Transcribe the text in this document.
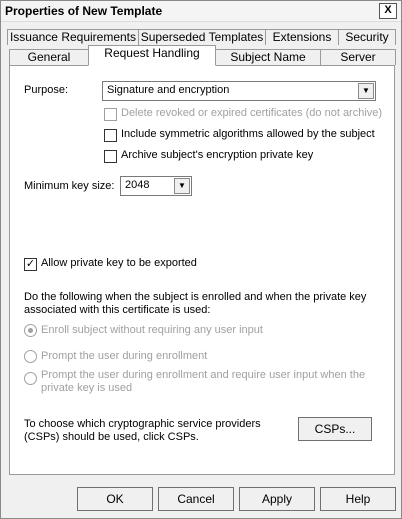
Properties of New Template	X
Issuance Requirements Superseded Templates Extensions	Security
General	Request Handling	Subject Name	Server
Purpose:	Signature and encryption	▼
Delete revoked or expired certificates (do not archive)
Include symmetric algorithms allowed by the subject
Archive subject's encryption private key
Minimum key size: 2048	▼
✓ Allow private key to be exported
Do the following when the subject is enrolled and when the private key
associated with this certificate is used:
Enroll subject without requiring any user input
Prompt the user during enrollment
Prompt the user during enrollment and require user input when the
private key is used
To choose which cryptographic service providers
(CSPs) should be used, click CSPs.
CSPs...
OK	Cancel	Apply	Help
